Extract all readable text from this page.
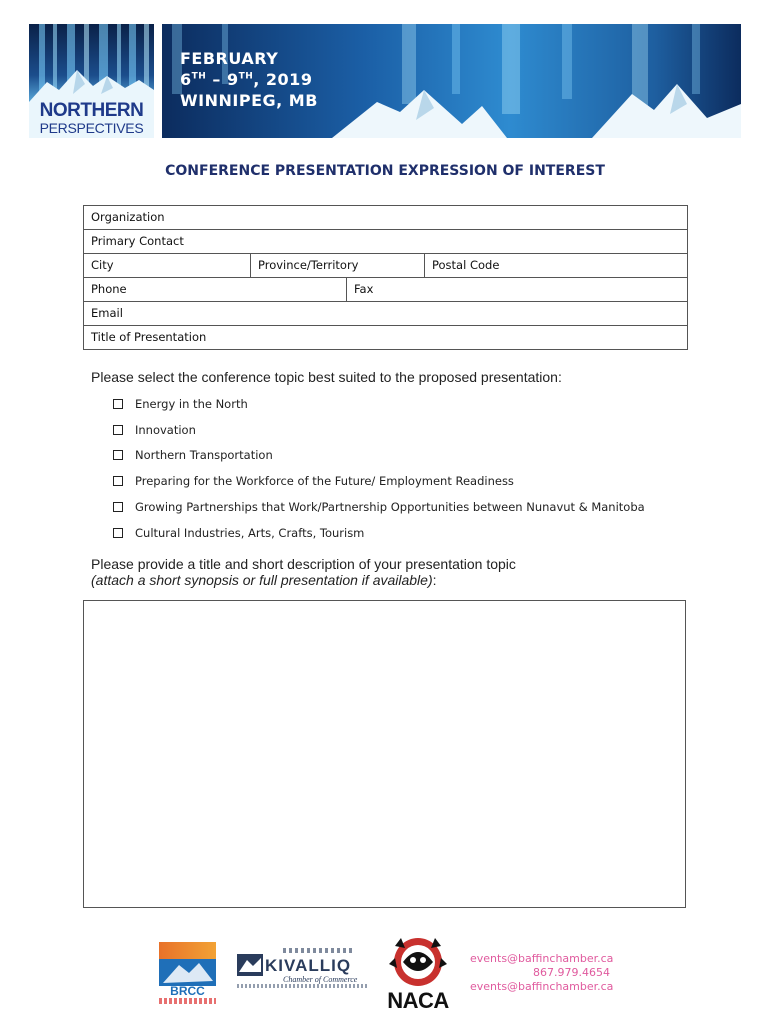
NORTHERN
PERSPECTIVES
FEBRUARY
6TH – 9TH, 2019
WINNIPEG, MB
CONFERENCE PRESENTATION EXPRESSION OF INTEREST
Organization
Primary Contact
City	Province/Territory	Postal Code
Phone	Fax
Email
Title of Presentation
Please select the conference topic best suited to the proposed presentation:
Energy in the North
Innovation
Northern Transportation
Preparing for the Workforce of the Future/ Employment Readiness
Growing Partnerships that Work/Partnership Opportunities between Nunavut & Manitoba
Cultural Industries, Arts, Crafts, Tourism
Please provide a title and short description of your presentation topic
(attach a short synopsis or full presentation if available):
BRCC
KIVALLIQ
Chamber of Commerce
NACA
events@baffinchamber.ca
867.979.4654
events@baffinchamber.ca
